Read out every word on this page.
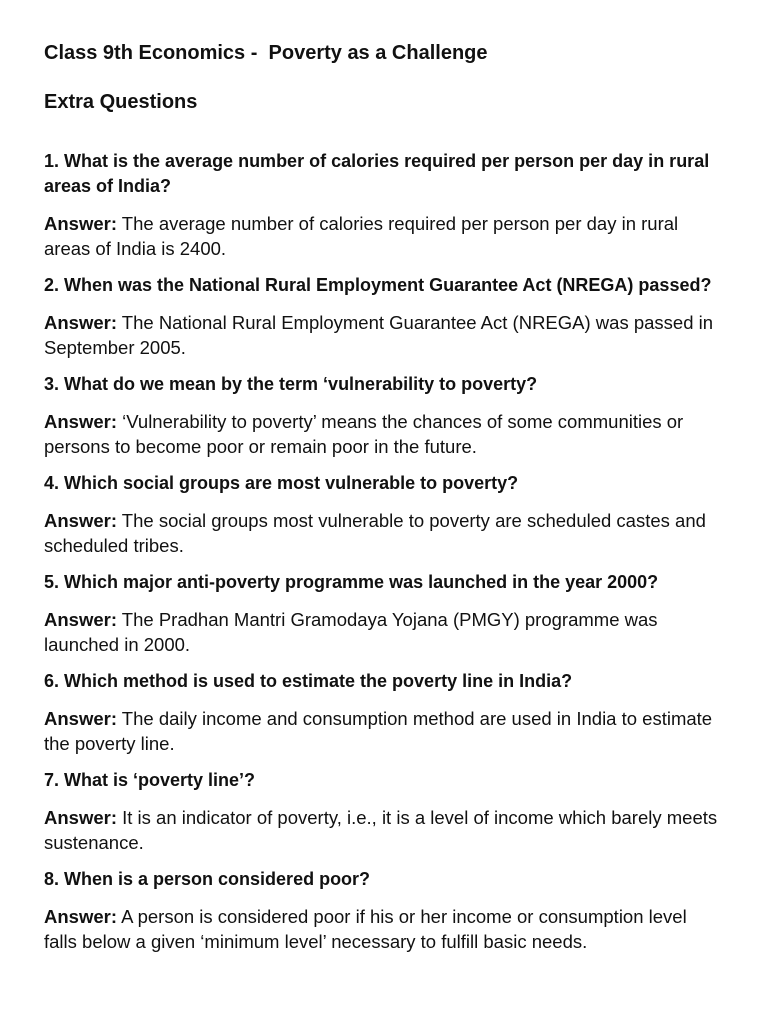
Class 9th Economics -  Poverty as a Challenge
Extra Questions

1. What is the average number of calories required per person per day in rural areas of India?

Answer: The average number of calories required per person per day in rural areas of India is 2400.

2. When was the National Rural Employment Guarantee Act (NREGA) passed?

Answer: The National Rural Employment Guarantee Act (NREGA) was passed in September 2005.

3. What do we mean by the term ‘vulnerability to poverty?

Answer: ‘Vulnerability to poverty’ means the chances of some communities or persons to become poor or remain poor in the future.

4. Which social groups are most vulnerable to poverty?

Answer: The social groups most vulnerable to poverty are scheduled castes and scheduled tribes.

5. Which major anti-poverty programme was launched in the year 2000?

Answer: The Pradhan Mantri Gramodaya Yojana (PMGY) programme was launched in 2000.

6. Which method is used to estimate the poverty line in India?

Answer: The daily income and consumption method are used in India to estimate the poverty line.

7. What is ‘poverty line’?

Answer: It is an indicator of poverty, i.e., it is a level of income which barely meets sustenance.

8. When is a person considered poor?

Answer: A person is considered poor if his or her income or consumption level falls below a given ‘minimum level’ necessary to fulfill basic needs.
